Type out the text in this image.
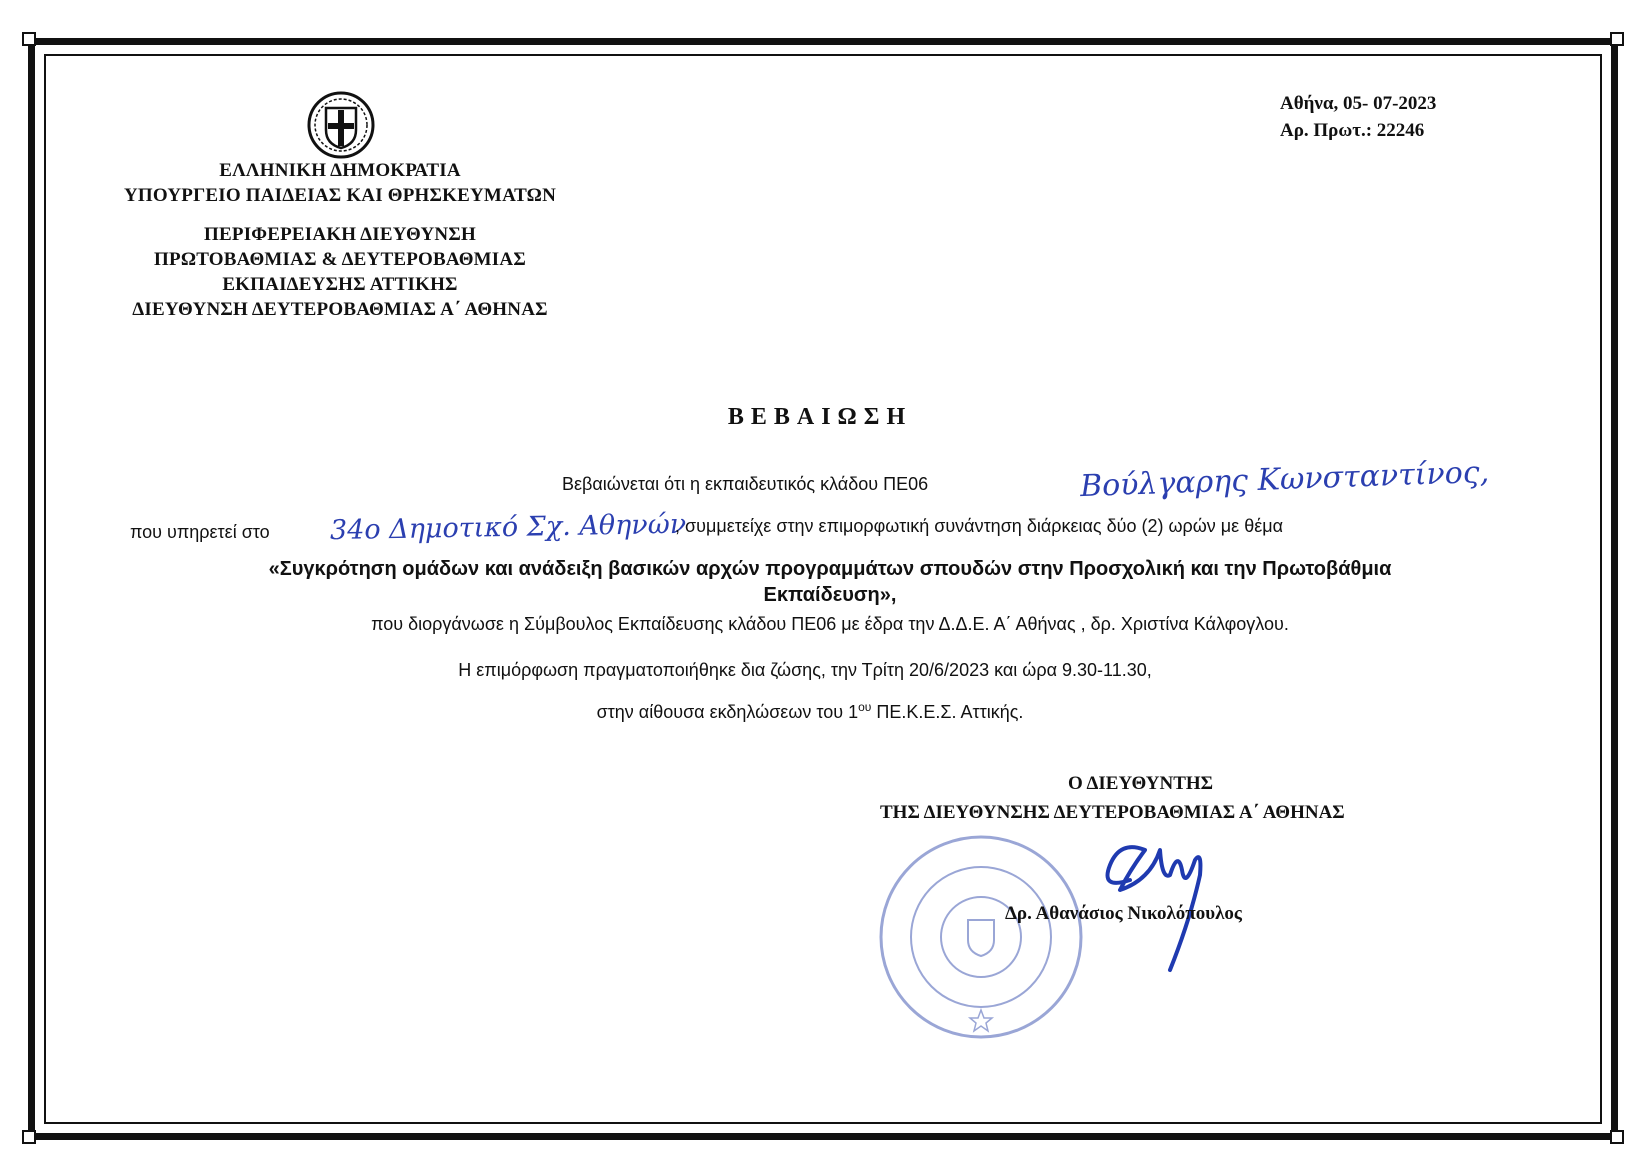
ΕΛΛΗΝΙΚΗ ΔΗΜΟΚΡΑΤΙΑ
ΥΠΟΥΡΓΕΙΟ ΠΑΙΔΕΙΑΣ ΚΑΙ ΘΡΗΣΚΕΥΜΑΤΩΝ
ΠΕΡΙΦΕΡΕΙΑΚΗ ΔΙΕΥΘΥΝΣΗ
ΠΡΩΤΟΒΑΘΜΙΑΣ & ΔΕΥΤΕΡΟΒΑΘΜΙΑΣ
ΕΚΠΑΙΔΕΥΣΗΣ ΑΤΤΙΚΗΣ
ΔΙΕΥΘΥΝΣΗ ΔΕΥΤΕΡΟΒΑΘΜΙΑΣ Α΄ ΑΘΗΝΑΣ
Αθήνα, 05- 07-2023
Αρ. Πρωτ.: 22246
ΒΕΒΑΙΩΣΗ
Βεβαιώνεται ότι η εκπαιδευτικός κλάδου ΠΕ06	Βούλγαρης Κωνσταντίνος,
που υπηρετεί στο 34ο Δημοτικό Σχ. Αθηνών
, συμμετείχε στην επιμορφωτική συνάντηση διάρκειας δύο (2) ωρών με θέμα
«Συγκρότηση ομάδων και ανάδειξη βασικών αρχών προγραμμάτων σπουδών στην Προσχολική και την Πρωτοβάθμια
Εκπαίδευση»,
που διοργάνωσε η Σύμβουλος Εκπαίδευσης κλάδου ΠΕ06 με έδρα την Δ.Δ.Ε. Α΄ Αθήνας , δρ. Χριστίνα Κάλφογλου.
Η επιμόρφωση πραγματοποιήθηκε δια ζώσης, την Τρίτη 20/6/2023 και ώρα 9.30-11.30,
στην αίθουσα εκδηλώσεων του $1^{o\upsilon}$ ΠΕ.Κ.Ε.Σ. Αττικής.
Ο ΔΙΕΥΘΥΝΤΗΣ
ΤΗΣ ΔΙΕΥΘΥΝΣΗΣ ΔΕΥΤΕΡΟΒΑΘΜΙΑΣ Α΄ ΑΘΗΝΑΣ
Δρ. Αθανάσιος Νικολόπουλος
